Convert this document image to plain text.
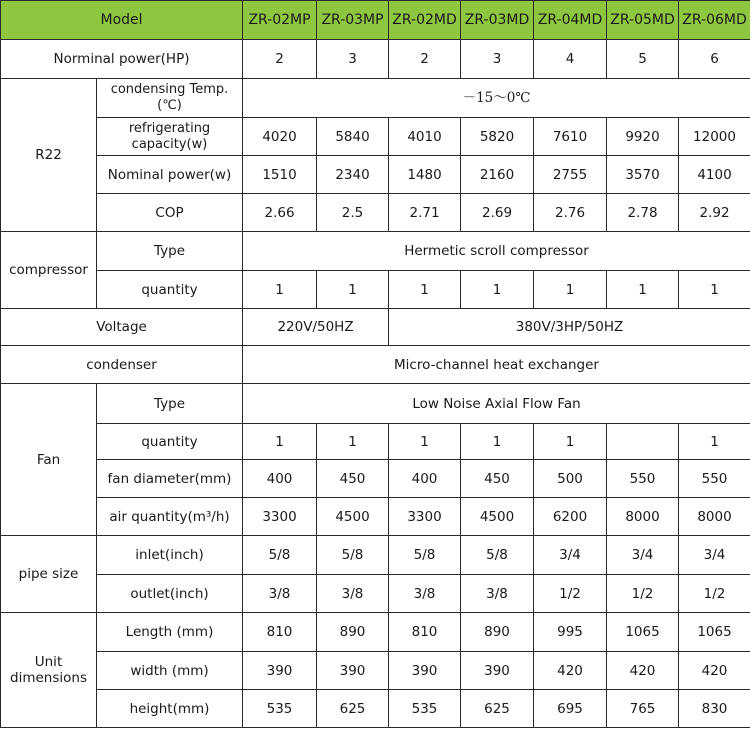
Model		ZR-02MP	ZR-03MP	ZR-02MD	ZR-03MD	ZR-04MD	ZR-05MD	ZR-06MD
Norminal power(HP)		2	3	2	3	4	5	6
R22	condensing Temp.(℃)	－15～0℃						
	refrigerating capacity(w)	4020	5840	4010	5820	7610	9920	12000
	Nominal power(w)	1510	2340	1480	2160	2755	3570	4100
	COP	2.66	2.5	2.71	2.69	2.76	2.78	2.92
compressor	Type	Hermetic scroll compressor						
	quantity	1	1	1	1	1	1	1
Voltage		220V/50HZ		380V/3HP/50HZ				
condenser		Micro-channel heat exchanger						
Fan	Type	Low Noise Axial Flow Fan						
	quantity	1	1	1	1	1		1
	fan diameter(mm)	400	450	400	450	500	550	550
	air quantity(m³/h)	3300	4500	3300	4500	6200	8000	8000
pipe size	inlet(inch)	5/8	5/8	5/8	5/8	3/4	3/4	3/4
	outlet(inch)	3/8	3/8	3/8	3/8	1/2	1/2	1/2
Unit dimensions	Length (mm)	810	890	810	890	995	1065	1065
	width (mm)	390	390	390	390	420	420	420
	height(mm)	535	625	535	625	695	765	830
